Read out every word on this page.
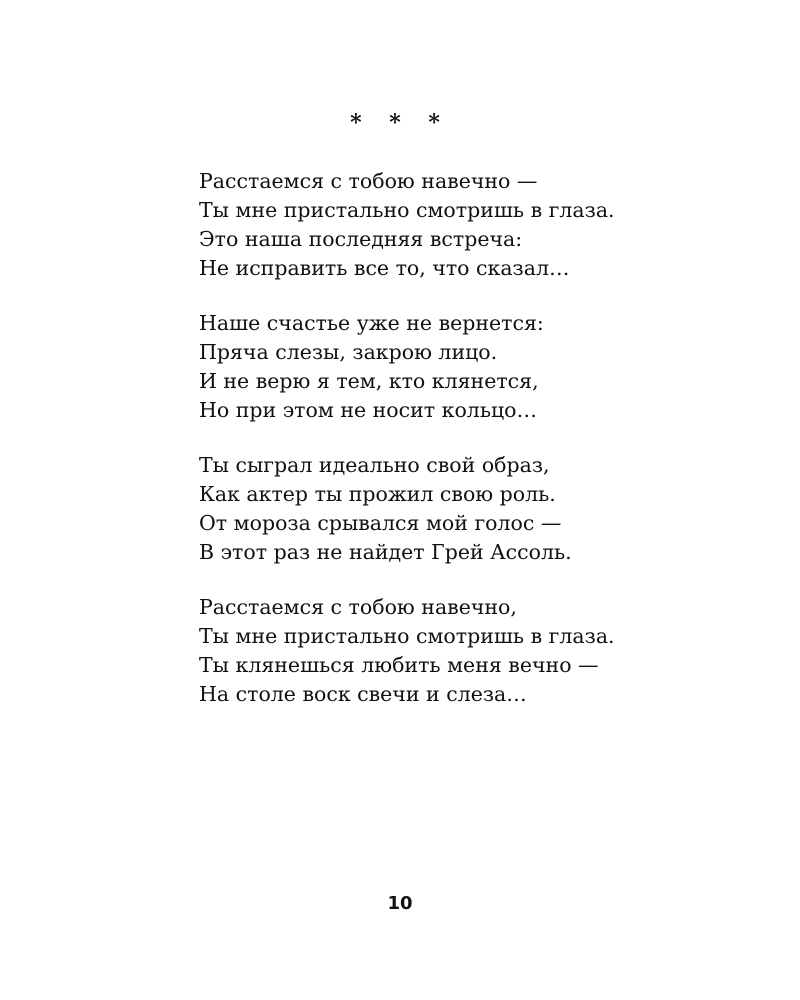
* * *
Расстаемся с тобою навечно —
Ты мне пристально смотришь в глаза.
Это наша последняя встреча:
Не исправить все то, что сказал…
Наше счастье уже не вернется:
Пряча слезы, закрою лицо.
И не верю я тем, кто клянется,
Но при этом не носит кольцо…
Ты сыграл идеально свой образ,
Как актер ты прожил свою роль.
От мороза срывался мой голос —
В этот раз не найдет Грей Ассоль.
Расстаемся с тобою навечно,
Ты мне пристально смотришь в глаза.
Ты клянешься любить меня вечно —
На столе воск свечи и слеза…
10
